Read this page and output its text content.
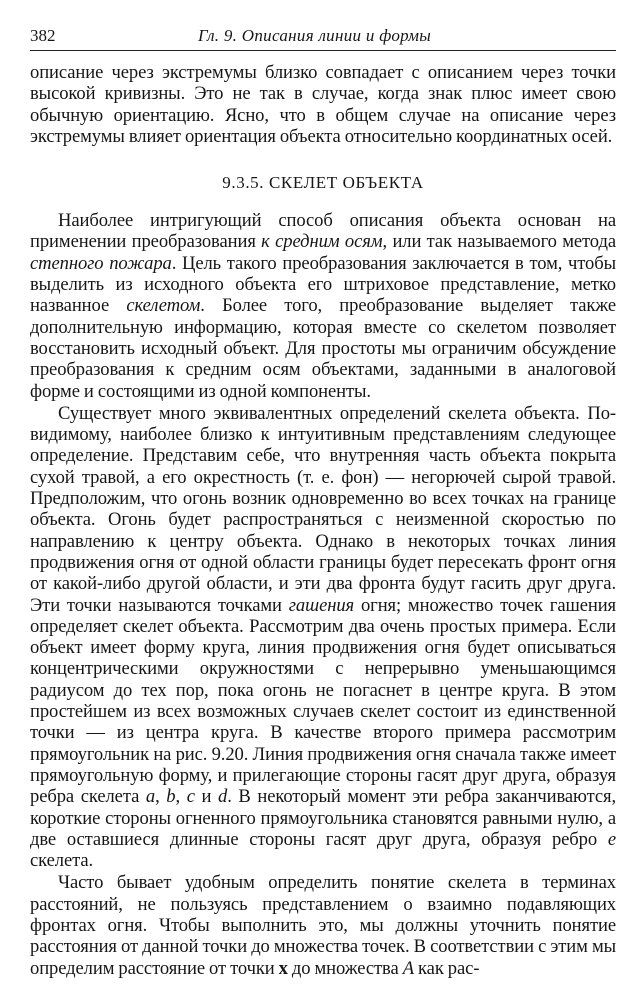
382	Гл. 9. Описания линии и формы

описание через экстремумы близко совпадает с описанием через точки высокой кривизны. Это не так в случае, когда знак плюс имеет свою обычную ориентацию. Ясно, что в общем случае на описание через экстремумы влияет ориентация объекта относительно координатных осей.

9.3.5. СКЕЛЕТ ОБЪЕКТА

Наиболее интригующий способ описания объекта основан на применении преобразования к средним осям, или так называемого метода степного пожара. Цель такого преобразования заключается в том, чтобы выделить из исходного объекта его штриховое представление, метко названное скелетом. Более того, преобразование выделяет также дополнительную информацию, которая вместе со скелетом позволяет восстановить исходный объект. Для простоты мы ограничим обсуждение преобразования к средним осям объектами, заданными в аналоговой форме и состоящими из одной компоненты.

Существует много эквивалентных определений скелета объекта. По-видимому, наиболее близко к интуитивным представлениям следующее определение. Представим себе, что внутренняя часть объекта покрыта сухой травой, а его окрестность (т. е. фон) — негорючей сырой травой. Предположим, что огонь возник одновременно во всех точках на границе объекта. Огонь будет распространяться с неизменной скоростью по направлению к центру объекта. Однако в некоторых точках линия продвижения огня от одной области границы будет пересекать фронт огня от какой-либо другой области, и эти два фронта будут гасить друг друга. Эти точки называются точками гашения огня; множество точек гашения определяет скелет объекта. Рассмотрим два очень простых примера. Если объект имеет форму круга, линия продвижения огня будет описываться концентрическими окружностями с непрерывно уменьшающимся радиусом до тех пор, пока огонь не погаснет в центре круга. В этом простейшем из всех возможных случаев скелет состоит из единственной точки — из центра круга. В качестве второго примера рассмотрим прямоугольник на рис. 9.20. Линия продвижения огня сначала также имеет прямоугольную форму, и прилегающие стороны гасят друг друга, образуя ребра скелета a, b, c и d. В некоторый момент эти ребра заканчиваются, короткие стороны огненного прямоугольника становятся равными нулю, а две оставшиеся длинные стороны гасят друг друга, образуя ребро e скелета.

Часто бывает удобным определить понятие скелета в терминах расстояний, не пользуясь представлением о взаимно подавляющих фронтах огня. Чтобы выполнить это, мы должны уточнить понятие расстояния от данной точки до множества точек. В соответствии с этим мы определим расстояние от точки x до множества A как рас-
